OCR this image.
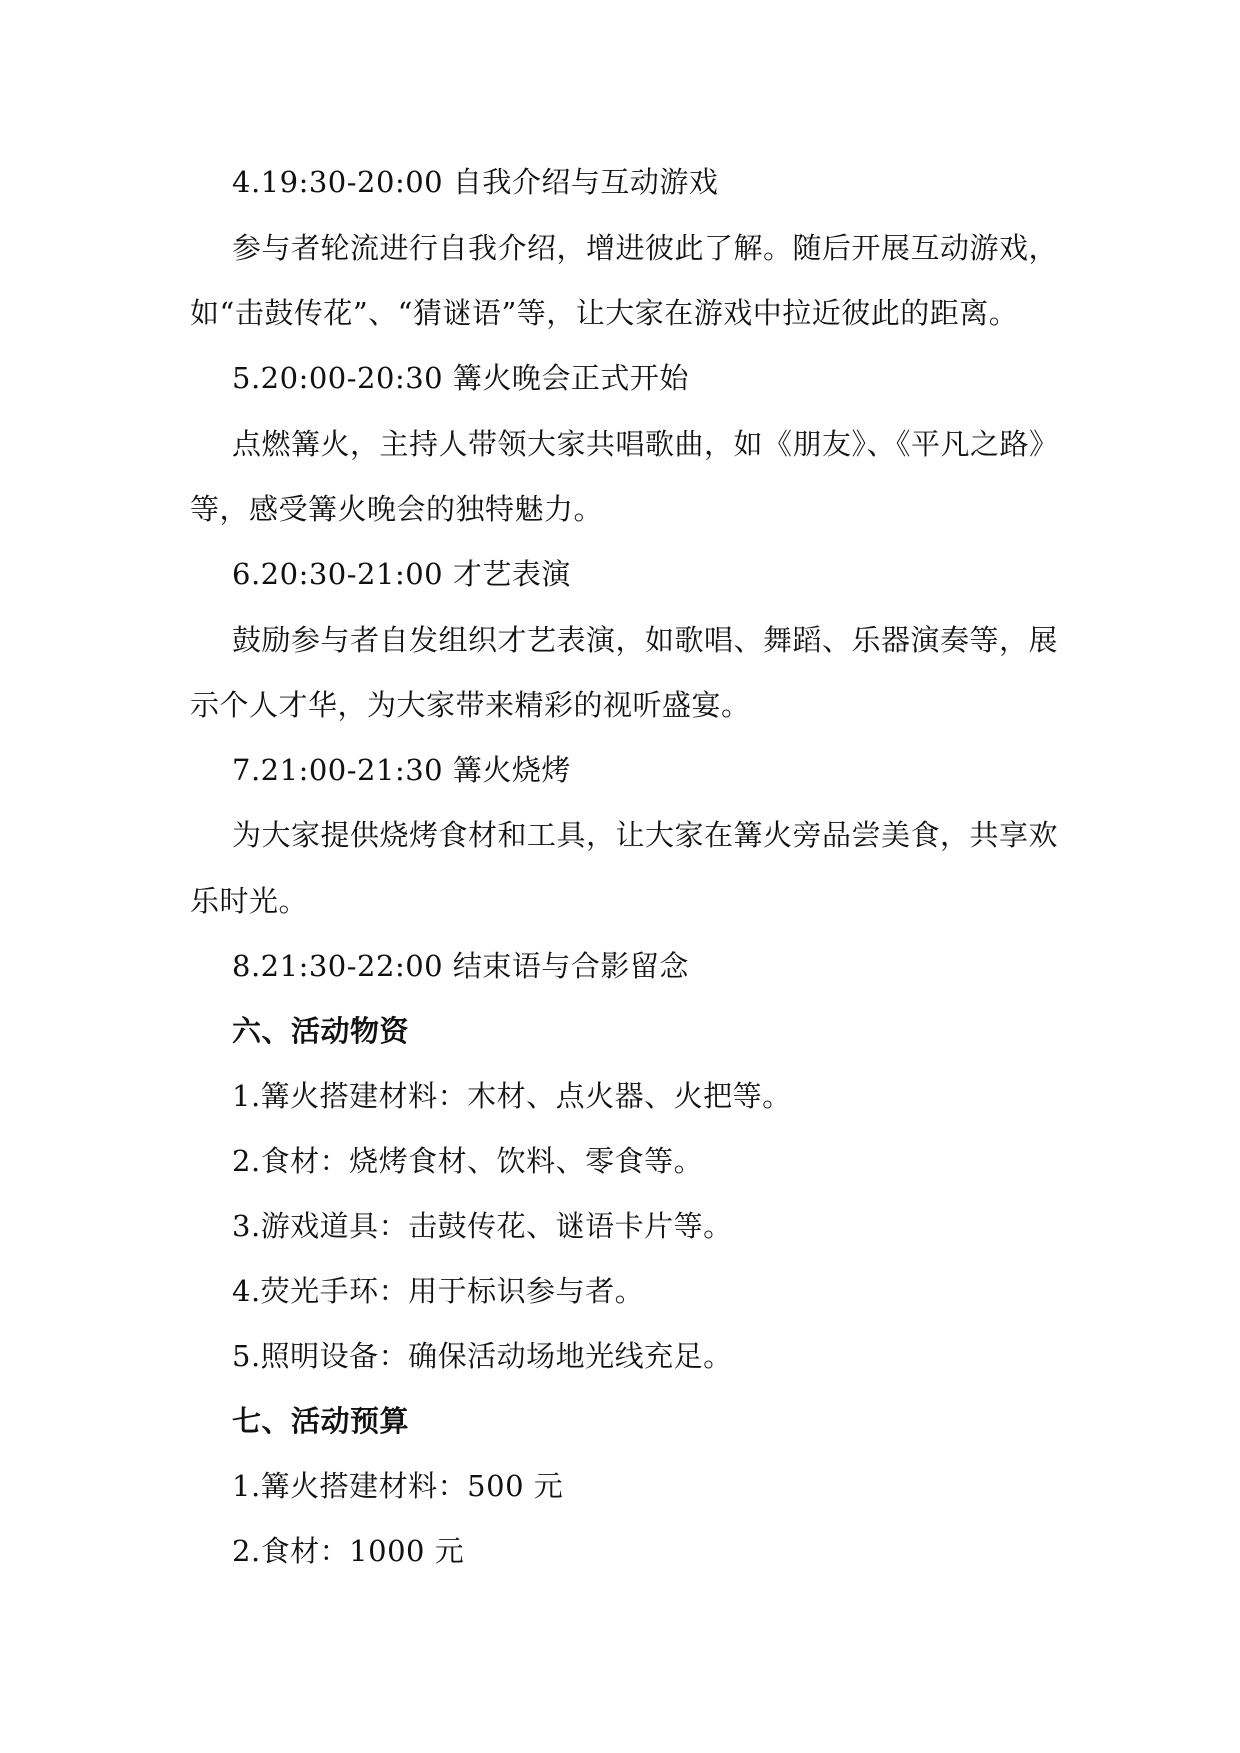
4.19:30-20:00 自我介绍与互动游戏
参与者轮流进行自我介绍，增进彼此了解。随后开展互动游戏，
如“击鼓传花”、“猜谜语”等，让大家在游戏中拉近彼此的距离。
5.20:00-20:30 篝火晚会正式开始
点燃篝火，主持人带领大家共唱歌曲，如《朋友》、《平凡之路》
等，感受篝火晚会的独特魅力。
6.20:30-21:00 才艺表演
鼓励参与者自发组织才艺表演，如歌唱、舞蹈、乐器演奏等，展
示个人才华，为大家带来精彩的视听盛宴。
7.21:00-21:30 篝火烧烤
为大家提供烧烤食材和工具，让大家在篝火旁品尝美食，共享欢
乐时光。
8.21:30-22:00 结束语与合影留念
六、活动物资
1.篝火搭建材料：木材、点火器、火把等。
2.食材：烧烤食材、饮料、零食等。
3.游戏道具：击鼓传花、谜语卡片等。
4.荧光手环：用于标识参与者。
5.照明设备：确保活动场地光线充足。
七、活动预算
1.篝火搭建材料：500 元
2.食材：1000 元
